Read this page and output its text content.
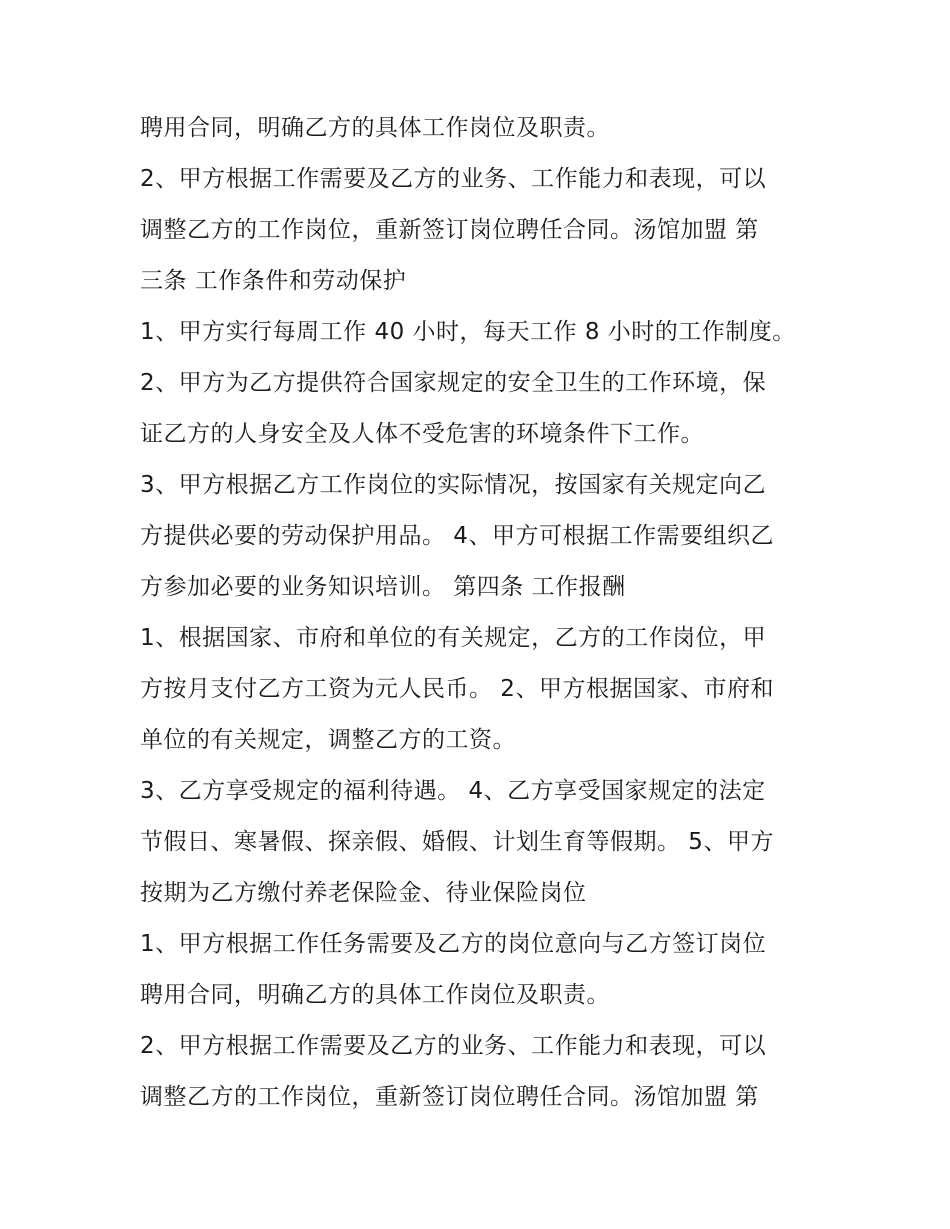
聘用合同，明确乙方的具体工作岗位及职责。
2、甲方根据工作需要及乙方的业务、工作能力和表现，可以
调整乙方的工作岗位，重新签订岗位聘任合同。汤馆加盟 第
三条 工作条件和劳动保护
1、甲方实行每周工作 40 小时，每天工作 8 小时的工作制度。
2、甲方为乙方提供符合国家规定的安全卫生的工作环境，保
证乙方的人身安全及人体不受危害的环境条件下工作。
3、甲方根据乙方工作岗位的实际情况，按国家有关规定向乙
方提供必要的劳动保护用品。 4、甲方可根据工作需要组织乙
方参加必要的业务知识培训。 第四条 工作报酬
1、根据国家、市府和单位的有关规定，乙方的工作岗位，甲
方按月支付乙方工资为元人民币。 2、甲方根据国家、市府和
单位的有关规定，调整乙方的工资。
3、乙方享受规定的福利待遇。 4、乙方享受国家规定的法定
节假日、寒暑假、探亲假、婚假、计划生育等假期。 5、甲方
按期为乙方缴付养老保险金、待业保险岗位
1、甲方根据工作任务需要及乙方的岗位意向与乙方签订岗位
聘用合同，明确乙方的具体工作岗位及职责。
2、甲方根据工作需要及乙方的业务、工作能力和表现，可以
调整乙方的工作岗位，重新签订岗位聘任合同。汤馆加盟 第
